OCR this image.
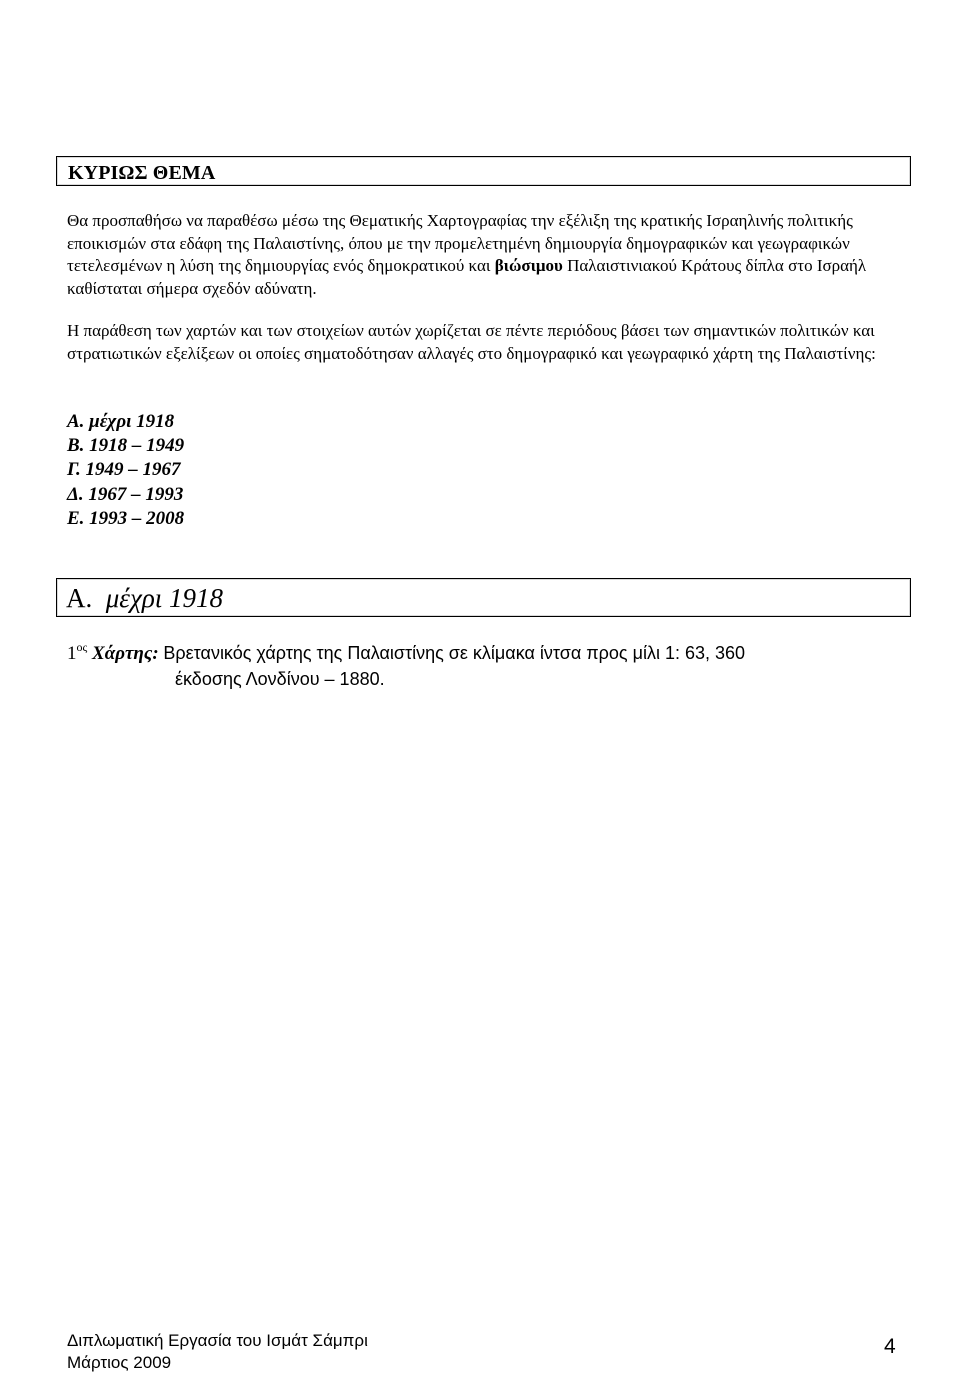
ΚΥΡΙΩΣ ΘΕΜΑ

Θα προσπαθήσω να παραθέσω μέσω της Θεματικής Χαρτογραφίας την εξέλιξη της κρατικής Ισραηλινής πολιτικής εποικισμών στα εδάφη της Παλαιστίνης, όπου με την προμελετημένη δημιουργία δημογραφικών και γεωγραφικών τετελεσμένων η λύση της δημιουργίας ενός δημοκρατικού και βιώσιμου Παλαιστινιακού Κράτους δίπλα στο Ισραήλ καθίσταται σήμερα σχεδόν αδύνατη.

Η παράθεση των χαρτών και των στοιχείων αυτών χωρίζεται σε πέντε περιόδους βάσει των σημαντικών πολιτικών και στρατιωτικών εξελίξεων οι οποίες σηματοδότησαν αλλαγές στο δημογραφικό και γεωγραφικό χάρτη της Παλαιστίνης:

Α. μέχρι 1918
Β. 1918 – 1949
Γ. 1949 – 1967
Δ. 1967 – 1993
Ε. 1993 – 2008
Α. μέχρι 1918
$1^{o\varsigma}$ Χάρτης: Βρετανικός χάρτης της Παλαιστίνης σε κλίμακα ίντσα προς μίλι 1: 63, 360
έκδοσης Λονδίνου – 1880.
Διπλωματική Εργασία του Ισμάτ Σάμπρι
Μάρτιος 2009
4
